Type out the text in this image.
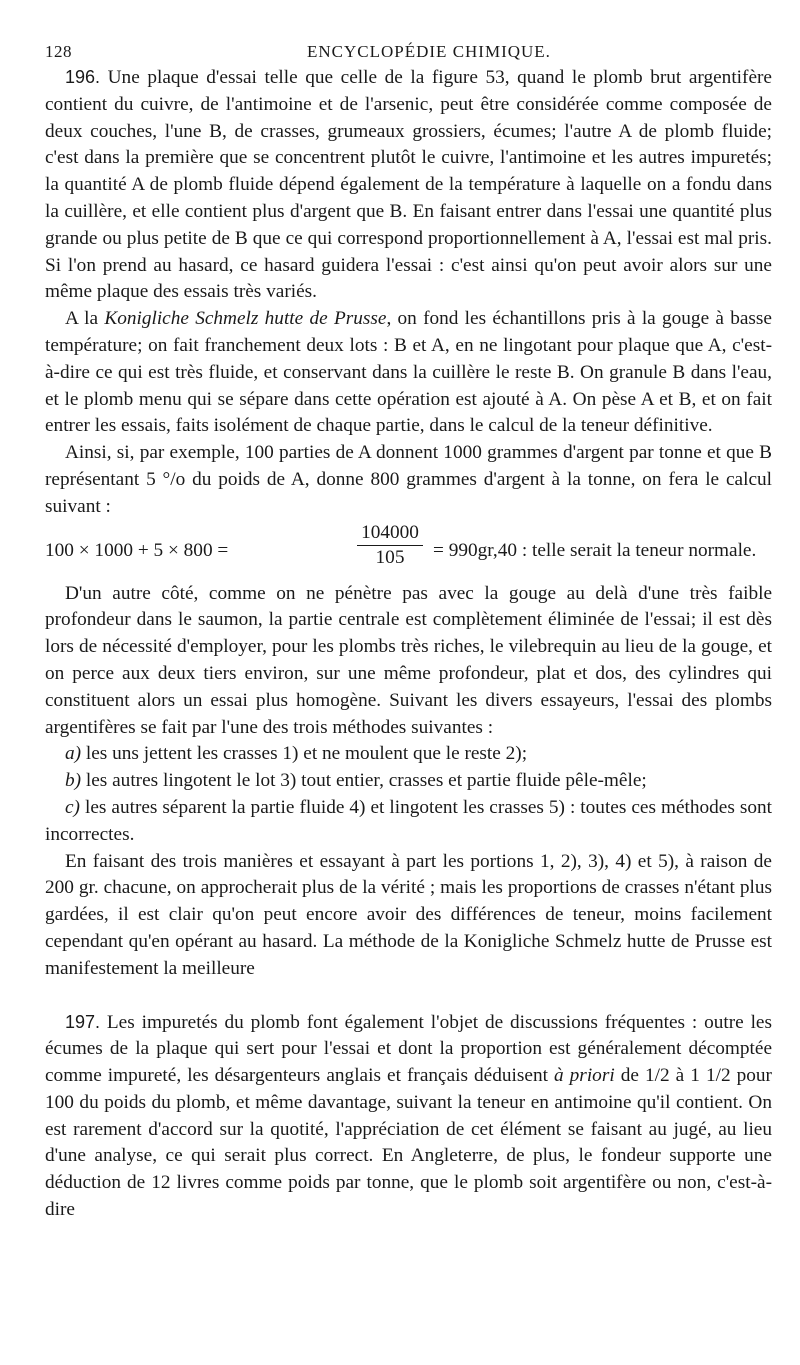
128	ENCYCLOPÉDIE CHIMIQUE.

196. Une plaque d'essai telle que celle de la figure 53, quand le plomb brut argentifère contient du cuivre, de l'antimoine et de l'arsenic, peut être considérée comme composée de deux couches, l'une B, de crasses, grumeaux grossiers, écumes; l'autre A de plomb fluide; c'est dans la première que se concentrent plutôt le cuivre, l'antimoine et les autres impuretés; la quantité A de plomb fluide dépend également de la température à laquelle on a fondu dans la cuillère, et elle contient plus d'argent que B. En faisant entrer dans l'essai une quantité plus grande ou plus petite de B que ce qui correspond proportionnellement à A, l'essai est mal pris. Si l'on prend au hasard, ce hasard guidera l'essai : c'est ainsi qu'on peut avoir alors sur une même plaque des essais très variés.

A la Konigliche Schmelz hutte de Prusse, on fond les échantillons pris à la gouge à basse température; on fait franchement deux lots : B et A, en ne lingotant pour plaque que A, c'est-à-dire ce qui est très fluide, et conservant dans la cuillère le reste B. On granule B dans l'eau, et le plomb menu qui se sépare dans cette opération est ajouté à A. On pèse A et B, et on fait entrer les essais, faits isolément de chaque partie, dans le calcul de la teneur définitive.

Ainsi, si, par exemple, 100 parties de A donnent 1000 grammes d'argent par tonne et que B représentant 5 °/o du poids de A, donne 800 grammes d'argent à la tonne, on fera le calcul suivant :

100 × 1000 + 5 × 800 =	$\frac{104000}{105} = 990gr,40$ : telle serait la teneur normale.

D'un autre côté, comme on ne pénètre pas avec la gouge au delà d'une très faible profondeur dans le saumon, la partie centrale est complètement éliminée de l'essai; il est dès lors de nécessité d'employer, pour les plombs très riches, le vilebrequin au lieu de la gouge, et on perce aux deux tiers environ, sur une même profondeur, plat et dos, des cylindres qui constituent alors un essai plus homogène. Suivant les divers essayeurs, l'essai des plombs argentifères se fait par l'une des trois méthodes suivantes :

a) les uns jettent les crasses 1) et ne moulent que le reste 2);

b) les autres lingotent le lot 3) tout entier, crasses et partie fluide pêle-mêle;

c) les autres séparent la partie fluide 4) et lingotent les crasses 5) : toutes ces méthodes sont incorrectes.

En faisant des trois manières et essayant à part les portions 1, 2), 3), 4) et 5), à raison de 200 gr. chacune, on approcherait plus de la vérité ; mais les proportions de crasses n'étant plus gardées, il est clair qu'on peut encore avoir des différences de teneur, moins facilement cependant qu'en opérant au hasard. La méthode de la Konigliche Schmelz hutte de Prusse est manifestement la meilleure

197. Les impuretés du plomb font également l'objet de discussions fréquentes : outre les écumes de la plaque qui sert pour l'essai et dont la proportion est généralement décomptée comme impureté, les désargenteurs anglais et français déduisent à priori de 1/2 à 1 1/2 pour 100 du poids du plomb, et même davantage, suivant la teneur en antimoine qu'il contient. On est rarement d'accord sur la quotité, l'appréciation de cet élément se faisant au jugé, au lieu d'une analyse, ce qui serait plus correct. En Angleterre, de plus, le fondeur supporte une déduction de 12 livres comme poids par tonne, que le plomb soit argentifère ou non, c'est-à-dire
